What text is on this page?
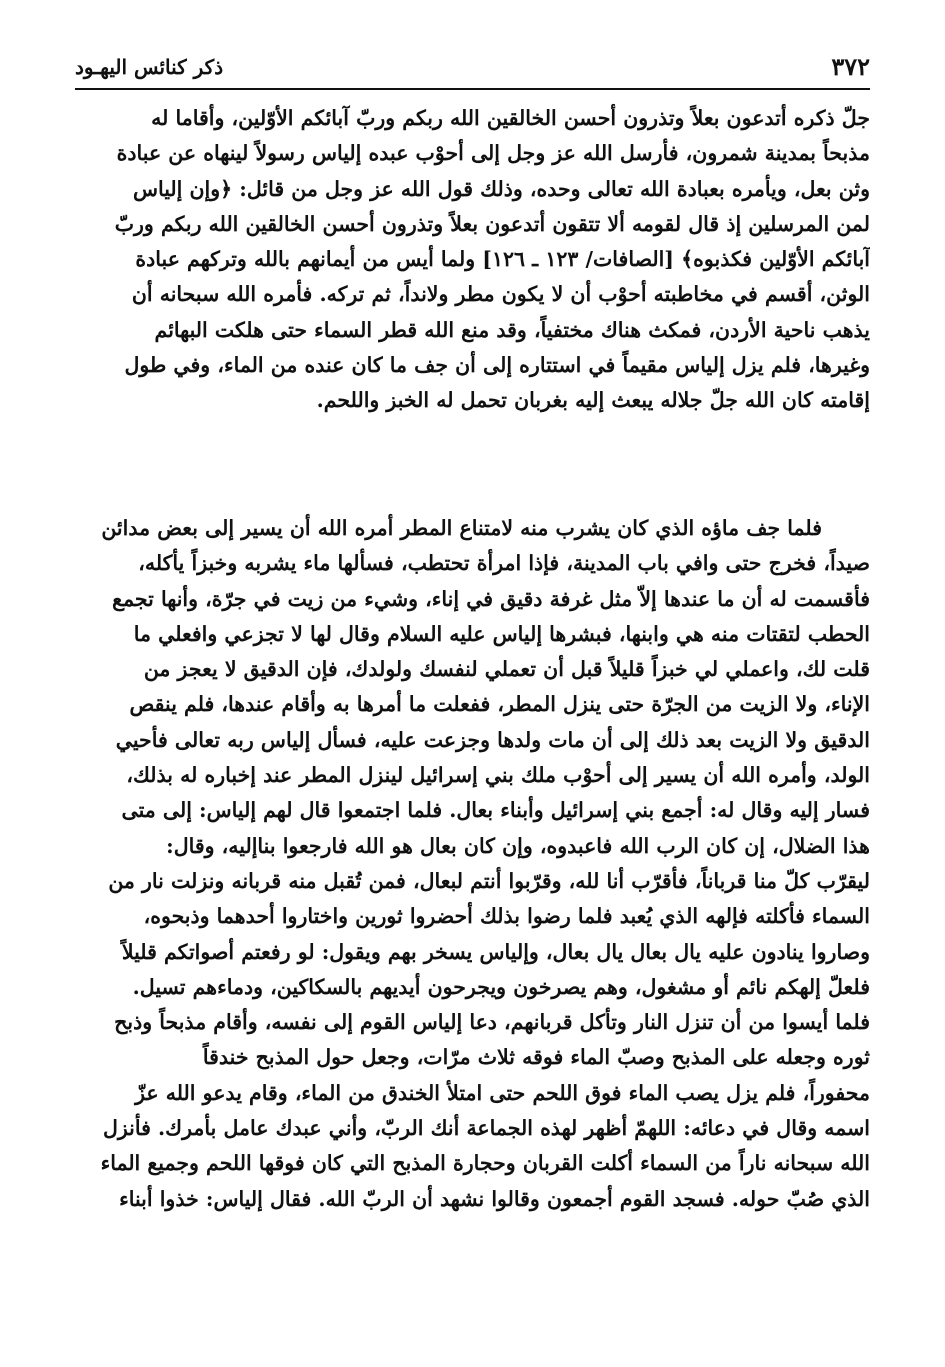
٣٧٢
ذكر كنائس اليهـود
جلّ ذكره أتدعون بعلاً وتذرون أحسن الخالقين الله ربكم وربّ آبائكم الأوّلين، وأقاما له
مذبحاً بمدينة شمرون، فأرسل الله عز وجل إلى أحوْب عبده إلياس رسولاً لينهاه عن عبادة
وثن بعل، ويأمره بعبادة الله تعالى وحده، وذلك قول الله عز وجل من قائل: ﴿وإن إلياس
لمن المرسلين إذ قال لقومه ألا تتقون أتدعون بعلاً وتذرون أحسن الخالقين الله ربكم وربّ
آبائكم الأوّلين فكذبوه﴾ [الصافات/ ١٢٣ ـ ١٢٦] ولما أيس من أيمانهم بالله وتركهم عبادة
الوثن، أقسم في مخاطبته أحوْب أن لا يكون مطر ولانداً، ثم تركه. فأمره الله سبحانه أن
يذهب ناحية الأردن، فمكث هناك مختفياً، وقد منع الله قطر السماء حتى هلكت البهائم
وغيرها، فلم يزل إلياس مقيماً في استتاره إلى أن جف ما كان عنده من الماء، وفي طول
إقامته كان الله جلّ جلاله يبعث إليه بغربان تحمل له الخبز واللحم.
فلما جف ماؤه الذي كان يشرب منه لامتناع المطر أمره الله أن يسير إلى بعض مدائن
صيداً، فخرج حتى وافي باب المدينة، فإذا امرأة تحتطب، فسألها ماء يشربه وخبزاً يأكله،
فأقسمت له أن ما عندها إلاّ مثل غرفة دقيق في إناء، وشيء من زيت في جرّة، وأنها تجمع
الحطب لتقتات منه هي وابنها، فبشرها إلياس عليه السلام وقال لها لا تجزعي وافعلي ما
قلت لك، واعملي لي خبزاً قليلاً قبل أن تعملي لنفسك ولولدك، فإن الدقيق لا يعجز من
الإناء، ولا الزيت من الجرّة حتى ينزل المطر، ففعلت ما أمرها به وأقام عندها، فلم ينقص
الدقيق ولا الزيت بعد ذلك إلى أن مات ولدها وجزعت عليه، فسأل إلياس ربه تعالى فأحيي
الولد، وأمره الله أن يسير إلى أحوْب ملك بني إسرائيل لينزل المطر عند إخباره له بذلك،
فسار إليه وقال له: أجمع بني إسرائيل وأبناء بعال. فلما اجتمعوا قال لهم إلياس: إلى متى
هذا الضلال، إن كان الرب الله فاعبدوه، وإن كان بعال هو الله فارجعوا بناإليه، وقال:
ليقرّب كلّ منا قرباناً، فأقرّب أنا لله، وقرّبوا أنتم لبعال، فمن تُقبل منه قربانه ونزلت نار من
السماء فأكلته فإلهه الذي يُعبد فلما رضوا بذلك أحضروا ثورين واختاروا أحدهما وذبحوه،
وصاروا ينادون عليه يال بعال يال بعال، وإلياس يسخر بهم ويقول: لو رفعتم أصواتكم قليلاً
فلعلّ إلهكم نائم أو مشغول، وهم يصرخون ويجرحون أيديهم بالسكاكين، ودماءهم تسيل.
فلما أيسوا من أن تنزل النار وتأكل قربانهم، دعا إلياس القوم إلى نفسه، وأقام مذبحاً وذبح
ثوره وجعله على المذبح وصبّ الماء فوقه ثلاث مرّات، وجعل حول المذبح خندقاً
محفوراً، فلم يزل يصب الماء فوق اللحم حتى امتلأ الخندق من الماء، وقام يدعو الله عزّ
اسمه وقال في دعائه: اللهمّ أظهر لهذه الجماعة أنك الربّ، وأني عبدك عامل بأمرك. فأنزل
الله سبحانه ناراً من السماء أكلت القربان وحجارة المذبح التي كان فوقها اللحم وجميع الماء
الذي صُبّ حوله. فسجد القوم أجمعون وقالوا نشهد أن الربّ الله. فقال إلياس: خذوا أبناء
